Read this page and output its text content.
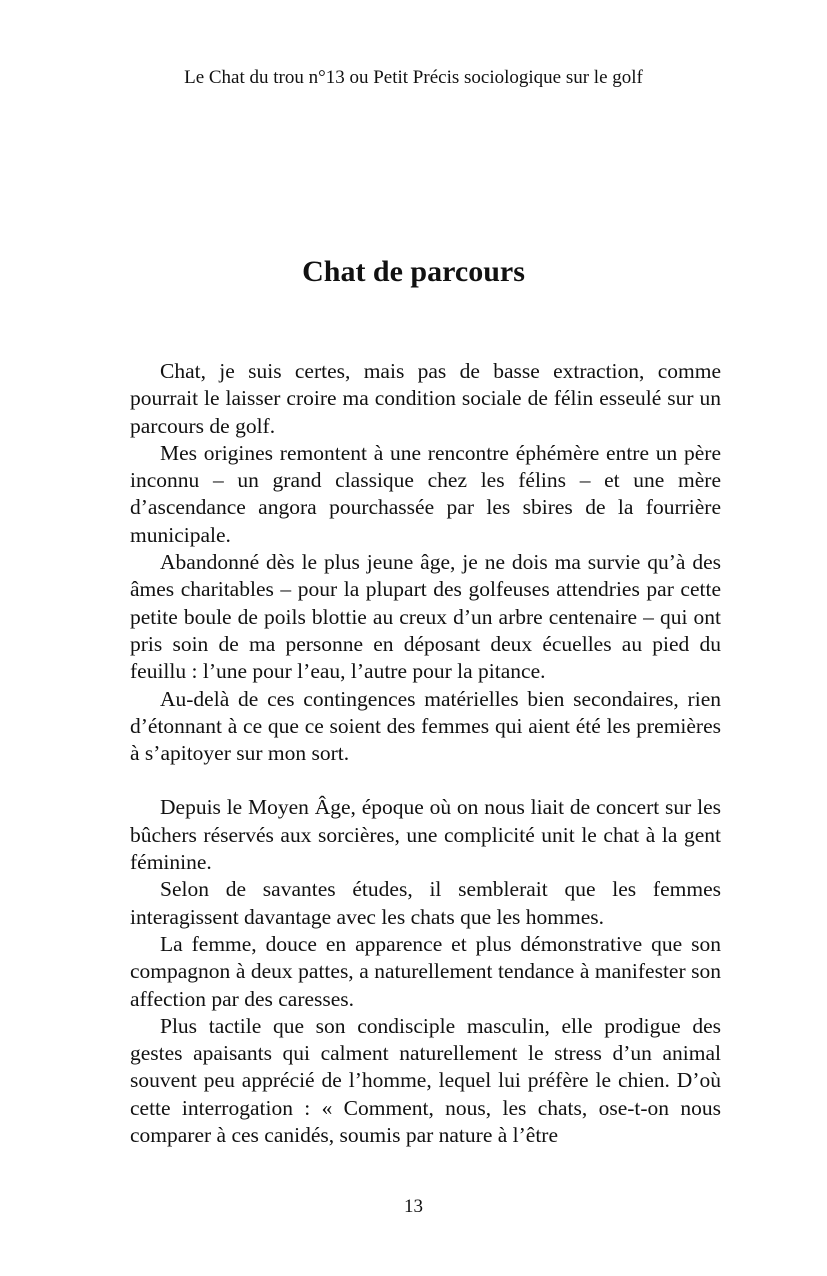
Le Chat du trou n°13 ou Petit Précis sociologique sur le golf
Chat de parcours

Chat, je suis certes, mais pas de basse extraction, comme pourrait le laisser croire ma condition sociale de félin esseulé sur un parcours de golf.

Mes origines remontent à une rencontre éphémère entre un père inconnu – un grand classique chez les félins – et une mère d’ascendance angora pourchassée par les sbires de la fourrière municipale.

Abandonné dès le plus jeune âge, je ne dois ma survie qu’à des âmes charitables – pour la plupart des golfeuses attendries par cette petite boule de poils blottie au creux d’un arbre centenaire – qui ont pris soin de ma personne en déposant deux écuelles au pied du feuillu : l’une pour l’eau, l’autre pour la pitance.

Au-delà de ces contingences matérielles bien secondaires, rien d’étonnant à ce que ce soient des femmes qui aient été les premières à s’apitoyer sur mon sort.

Depuis le Moyen Âge, époque où on nous liait de concert sur les bûchers réservés aux sorcières, une complicité unit le chat à la gent féminine.

Selon de savantes études, il semblerait que les femmes interagissent davantage avec les chats que les hommes.

La femme, douce en apparence et plus démonstrative que son compagnon à deux pattes, a naturellement tendance à manifester son affection par des caresses.

Plus tactile que son condisciple masculin, elle prodigue des gestes apaisants qui calment naturellement le stress d’un animal souvent peu apprécié de l’homme, lequel lui préfère le chien. D’où cette interrogation : « Comment, nous, les chats, ose-t-on nous comparer à ces canidés, soumis par nature à l’être

13
